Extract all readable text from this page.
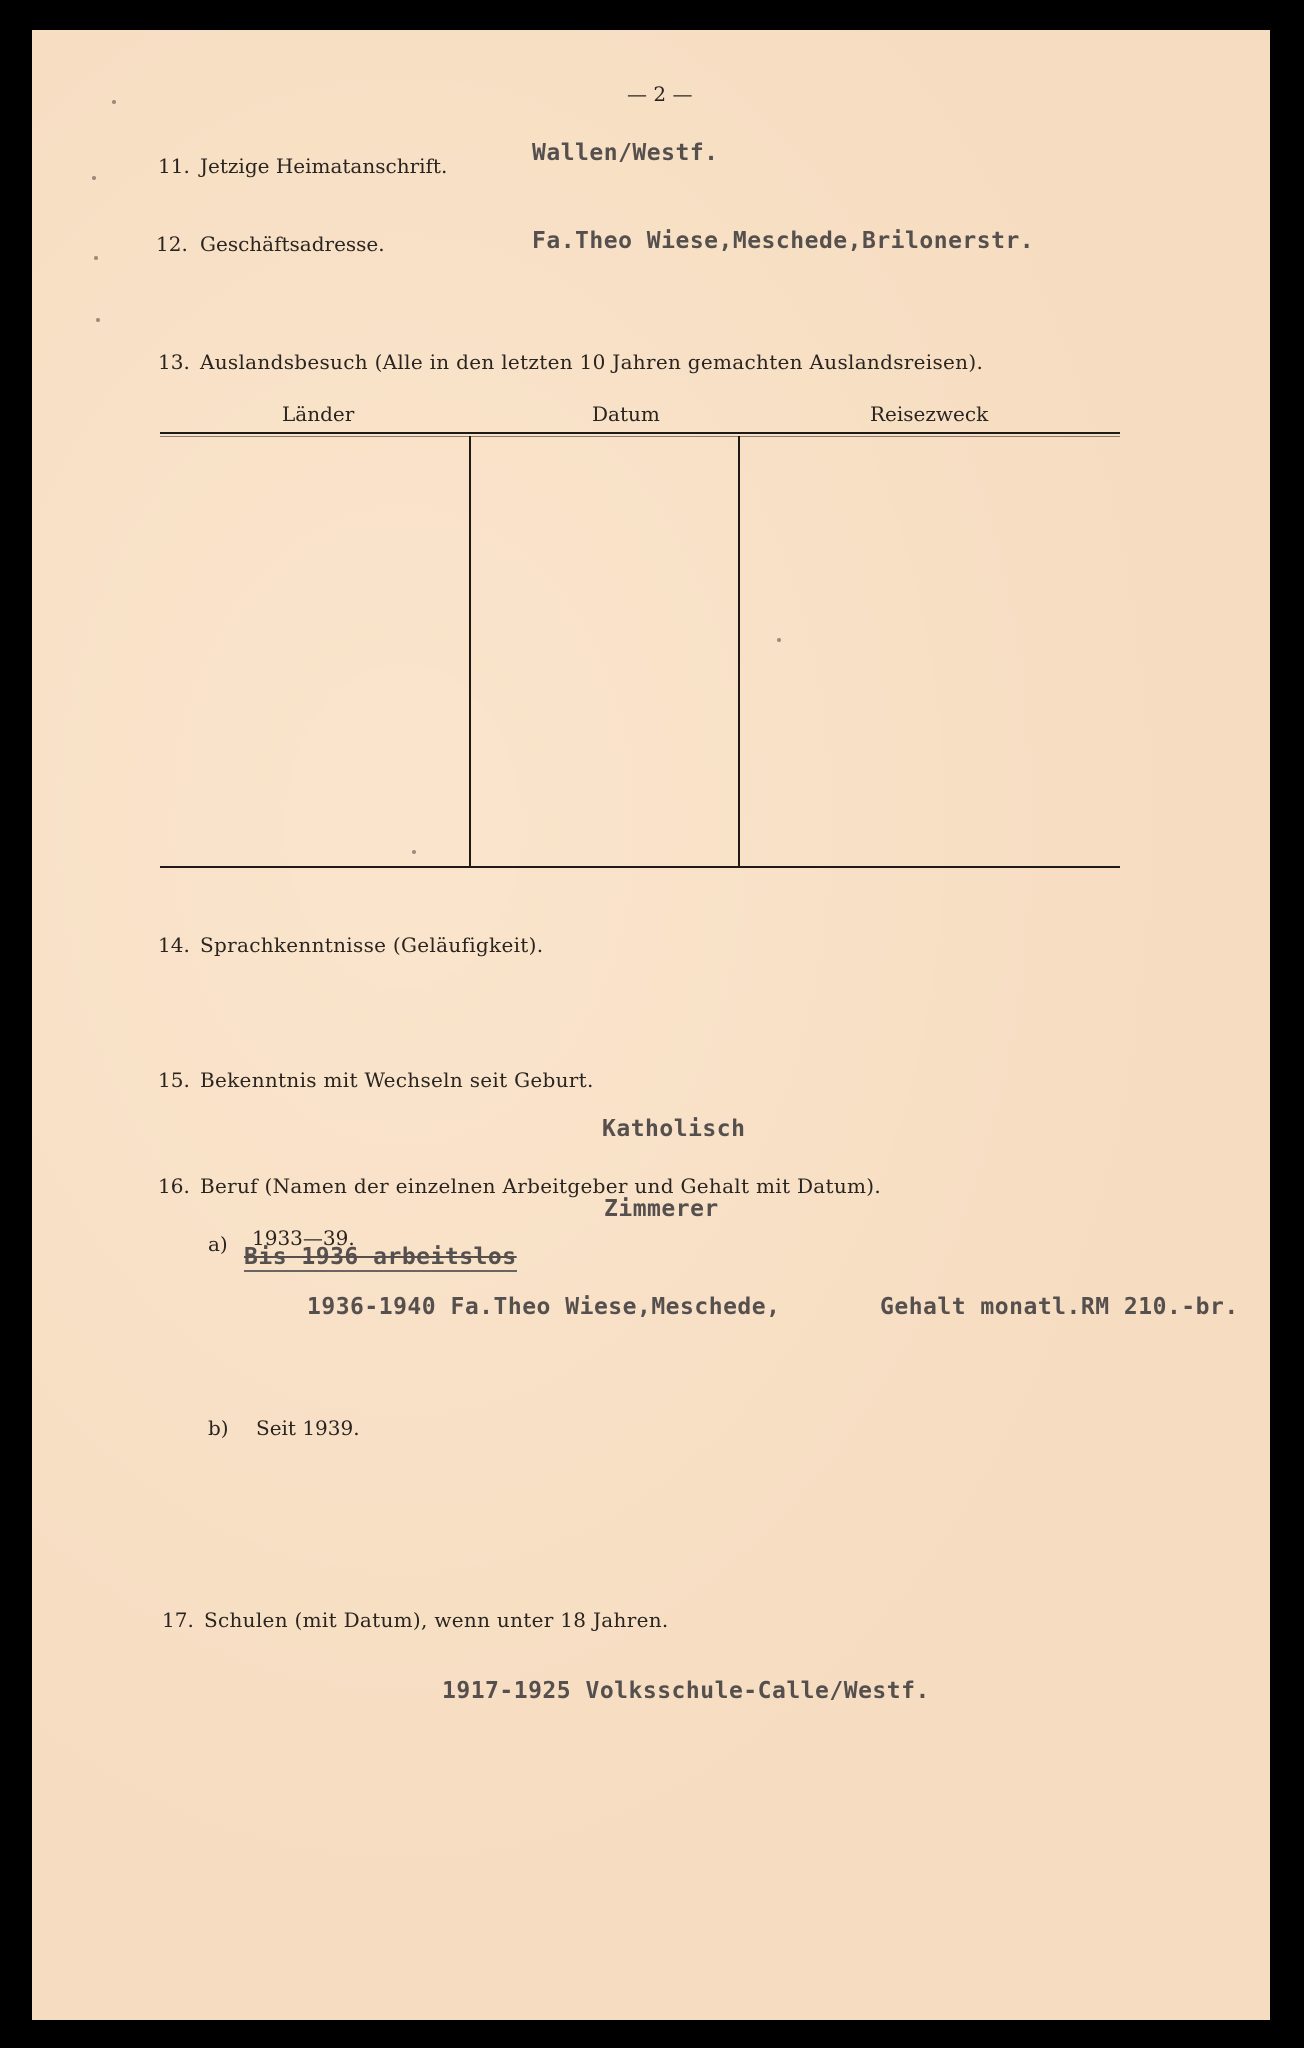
— 2 —
11. Jetzige Heimatanschrift.	Wallen/Westf.
12. Geschäftsadresse.	Fa.Theo Wiese,Meschede,Brilonerstr.
13. Auslandsbesuch (Alle in den letzten 10 Jahren gemachten Auslandsreisen).
Länder	Datum	Reisezweck
14. Sprachkenntnisse (Geläufigkeit).
15. Bekenntnis mit Wechseln seit Geburt.
Katholisch
16. Beruf (Namen der einzelnen Arbeitgeber und Gehalt mit Datum).
Zimmerer
a) 1933—39.
Bis 1936 arbeitslos
1936-1940 Fa.Theo Wiese,Meschede,	Gehalt monatl.RM 210.-br.
b) Seit 1939.
17. Schulen (mit Datum), wenn unter 18 Jahren.
1917-1925 Volksschule-Calle/Westf.
